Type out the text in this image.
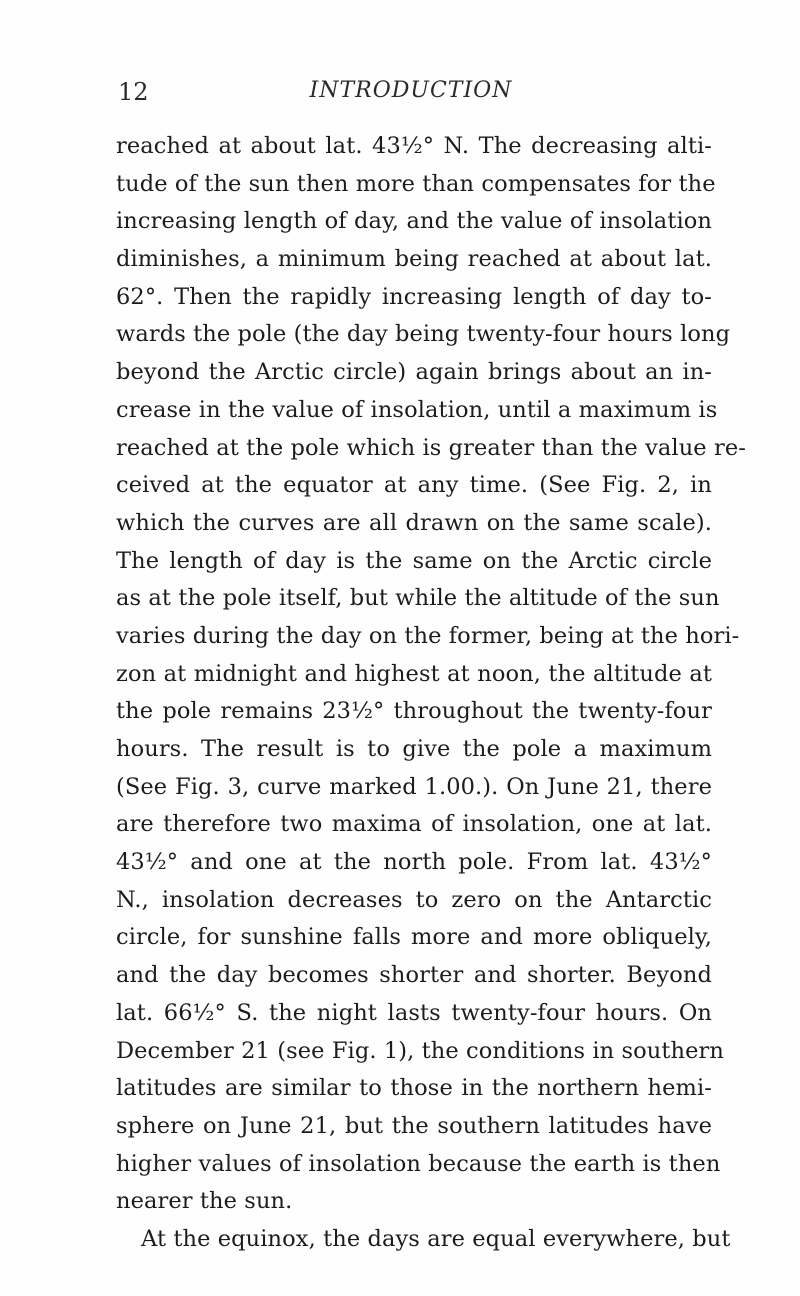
12	INTRODUCTION
reached at about lat. 43½° N. The decreasing alti-
tude of the sun then more than compensates for the
increasing length of day, and the value of insolation
diminishes, a minimum being reached at about lat.
62°. Then the rapidly increasing length of day to-
wards the pole (the day being twenty-four hours long
beyond the Arctic circle) again brings about an in-
crease in the value of insolation, until a maximum is
reached at the pole which is greater than the value re-
ceived at the equator at any time. (See Fig. 2, in
which the curves are all drawn on the same scale).
The length of day is the same on the Arctic circle
as at the pole itself, but while the altitude of the sun
varies during the day on the former, being at the hori-
zon at midnight and highest at noon, the altitude at
the pole remains 23½° throughout the twenty-four
hours. The result is to give the pole a maximum
(See Fig. 3, curve marked 1.00.). On June 21, there
are therefore two maxima of insolation, one at lat.
43½° and one at the north pole. From lat. 43½°
N., insolation decreases to zero on the Antarctic
circle, for sunshine falls more and more obliquely,
and the day becomes shorter and shorter. Beyond
lat. 66½° S. the night lasts twenty-four hours. On
December 21 (see Fig. 1), the conditions in southern
latitudes are similar to those in the northern hemi-
sphere on June 21, but the southern latitudes have
higher values of insolation because the earth is then
nearer the sun.
At the equinox, the days are equal everywhere, but
